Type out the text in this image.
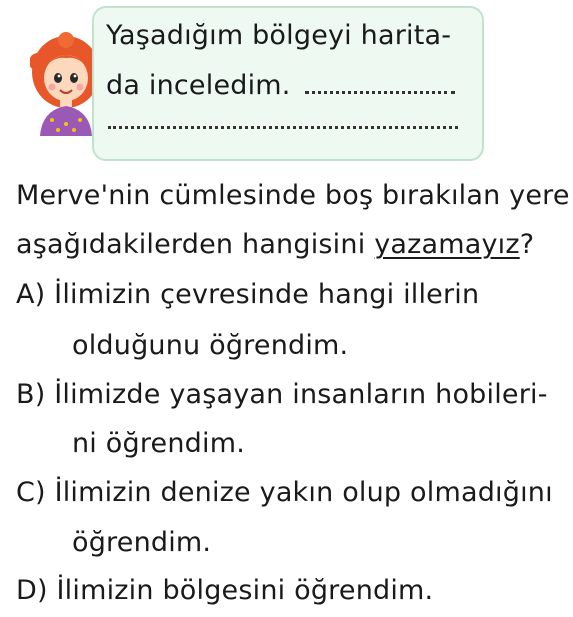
Yaşadığım bölgeyi harita-
da inceledim.
Merve'nin cümlesinde boş bırakılan yere
aşağıdakilerden hangisini yazamayız?
A) İlimizin çevresinde hangi illerin
olduğunu öğrendim.
B) İlimizde yaşayan insanların hobileri-
ni öğrendim.
C) İlimizin denize yakın olup olmadığını
öğrendim.
D) İlimizin bölgesini öğrendim.
